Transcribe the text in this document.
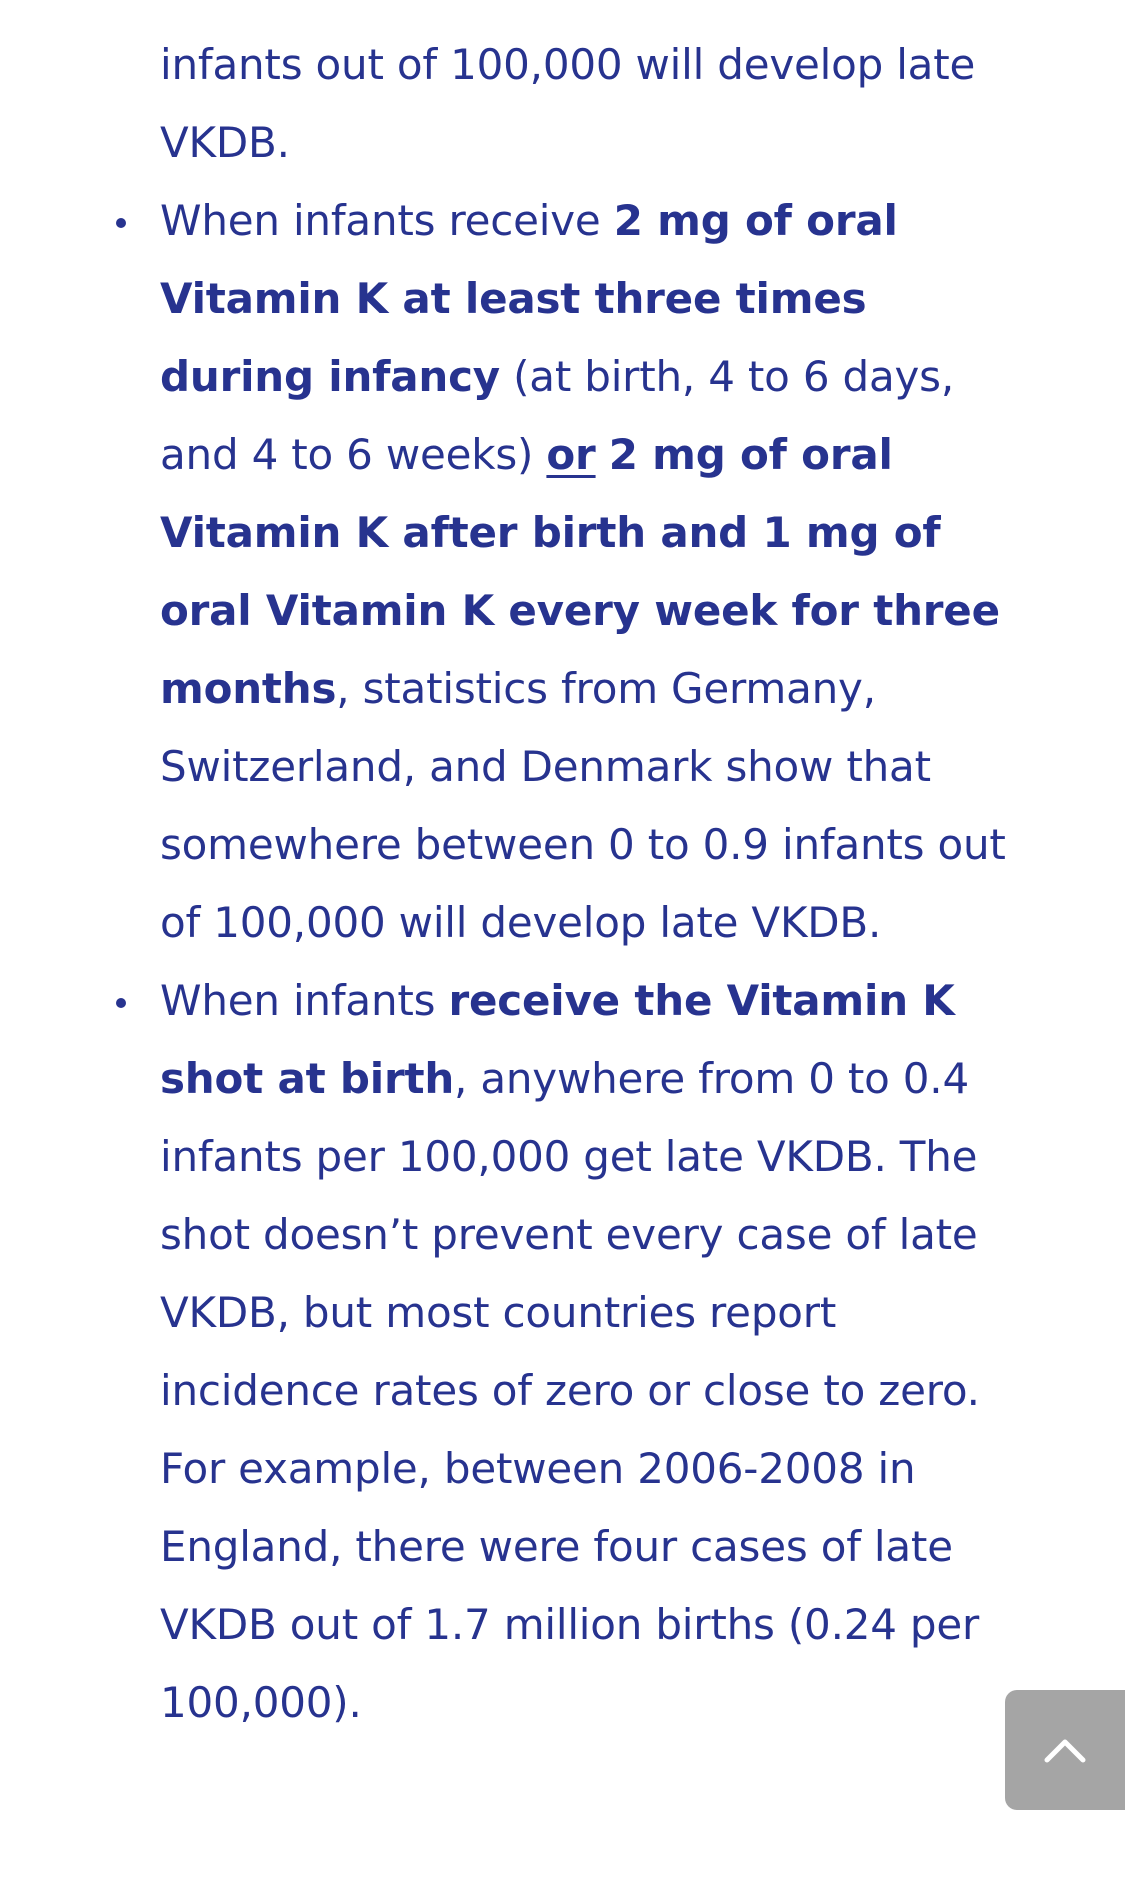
infants out of 100,000 will develop late VKDB.

When infants receive 2 mg of oral Vitamin K at least three times during infancy (at birth, 4 to 6 days, and 4 to 6 weeks) or 2 mg of oral Vitamin K after birth and 1 mg of oral Vitamin K every week for three months, statistics from Germany, Switzerland, and Denmark show that somewhere between 0 to 0.9 infants out of 100,000 will develop late VKDB.
When infants receive the Vitamin K shot at birth, anywhere from 0 to 0.4 infants per 100,000 get late VKDB. The shot doesn’t prevent every case of late VKDB, but most countries report incidence rates of zero or close to zero. For example, between 2006-2008 in England, there were four cases of late VKDB out of 1.7 million births (0.24 per 100,000).
